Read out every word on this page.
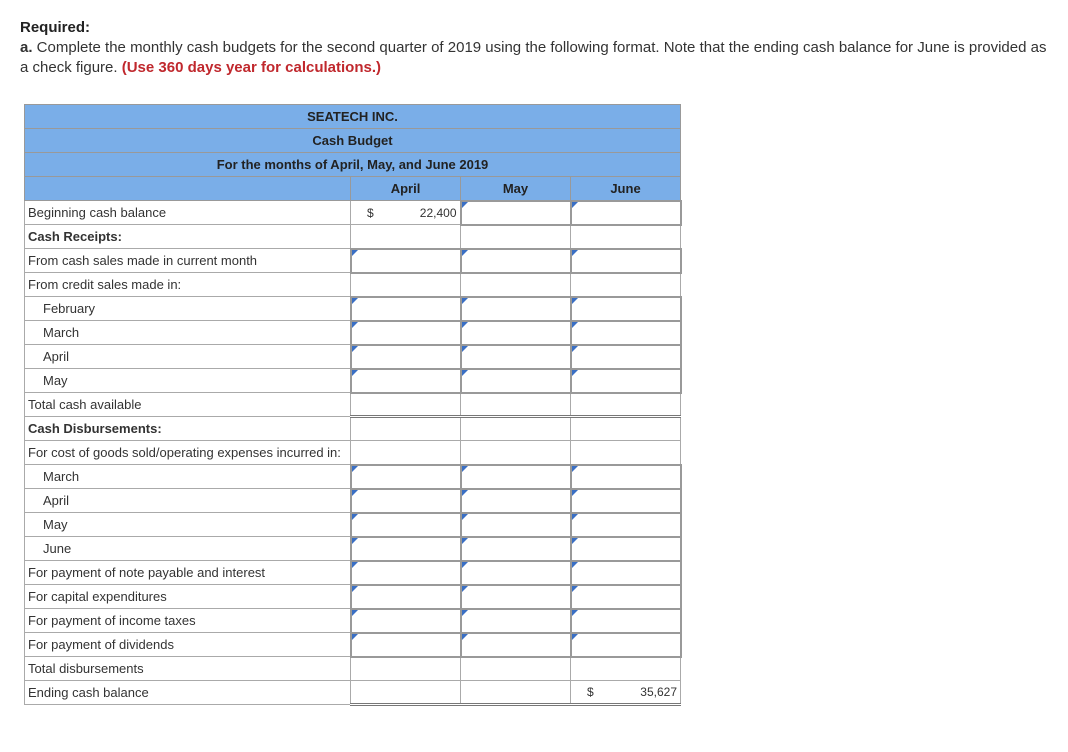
Required:
a. Complete the monthly cash budgets for the second quarter of 2019 using the following format. Note that the ending cash balance for June is provided as a check figure. (Use 360 days year for calculations.)
SEATECH INC.			
Cash Budget			
For the months of April, May, and June 2019			
	April	May	June
Beginning cash balance	$ 22,400		

Cash Receipts:			
From cash sales made in current month			
From credit sales made in:			
February			
March			
April			
May			
Total cash available			
Cash Disbursements:			
For cost of goods sold/operating expenses incurred in:			
March			
April			
May			
June			
For payment of note payable and interest			
For capital expenditures			
For payment of income taxes			
For payment of dividends			
Total disbursements			
Ending cash balance			$ 35,627
